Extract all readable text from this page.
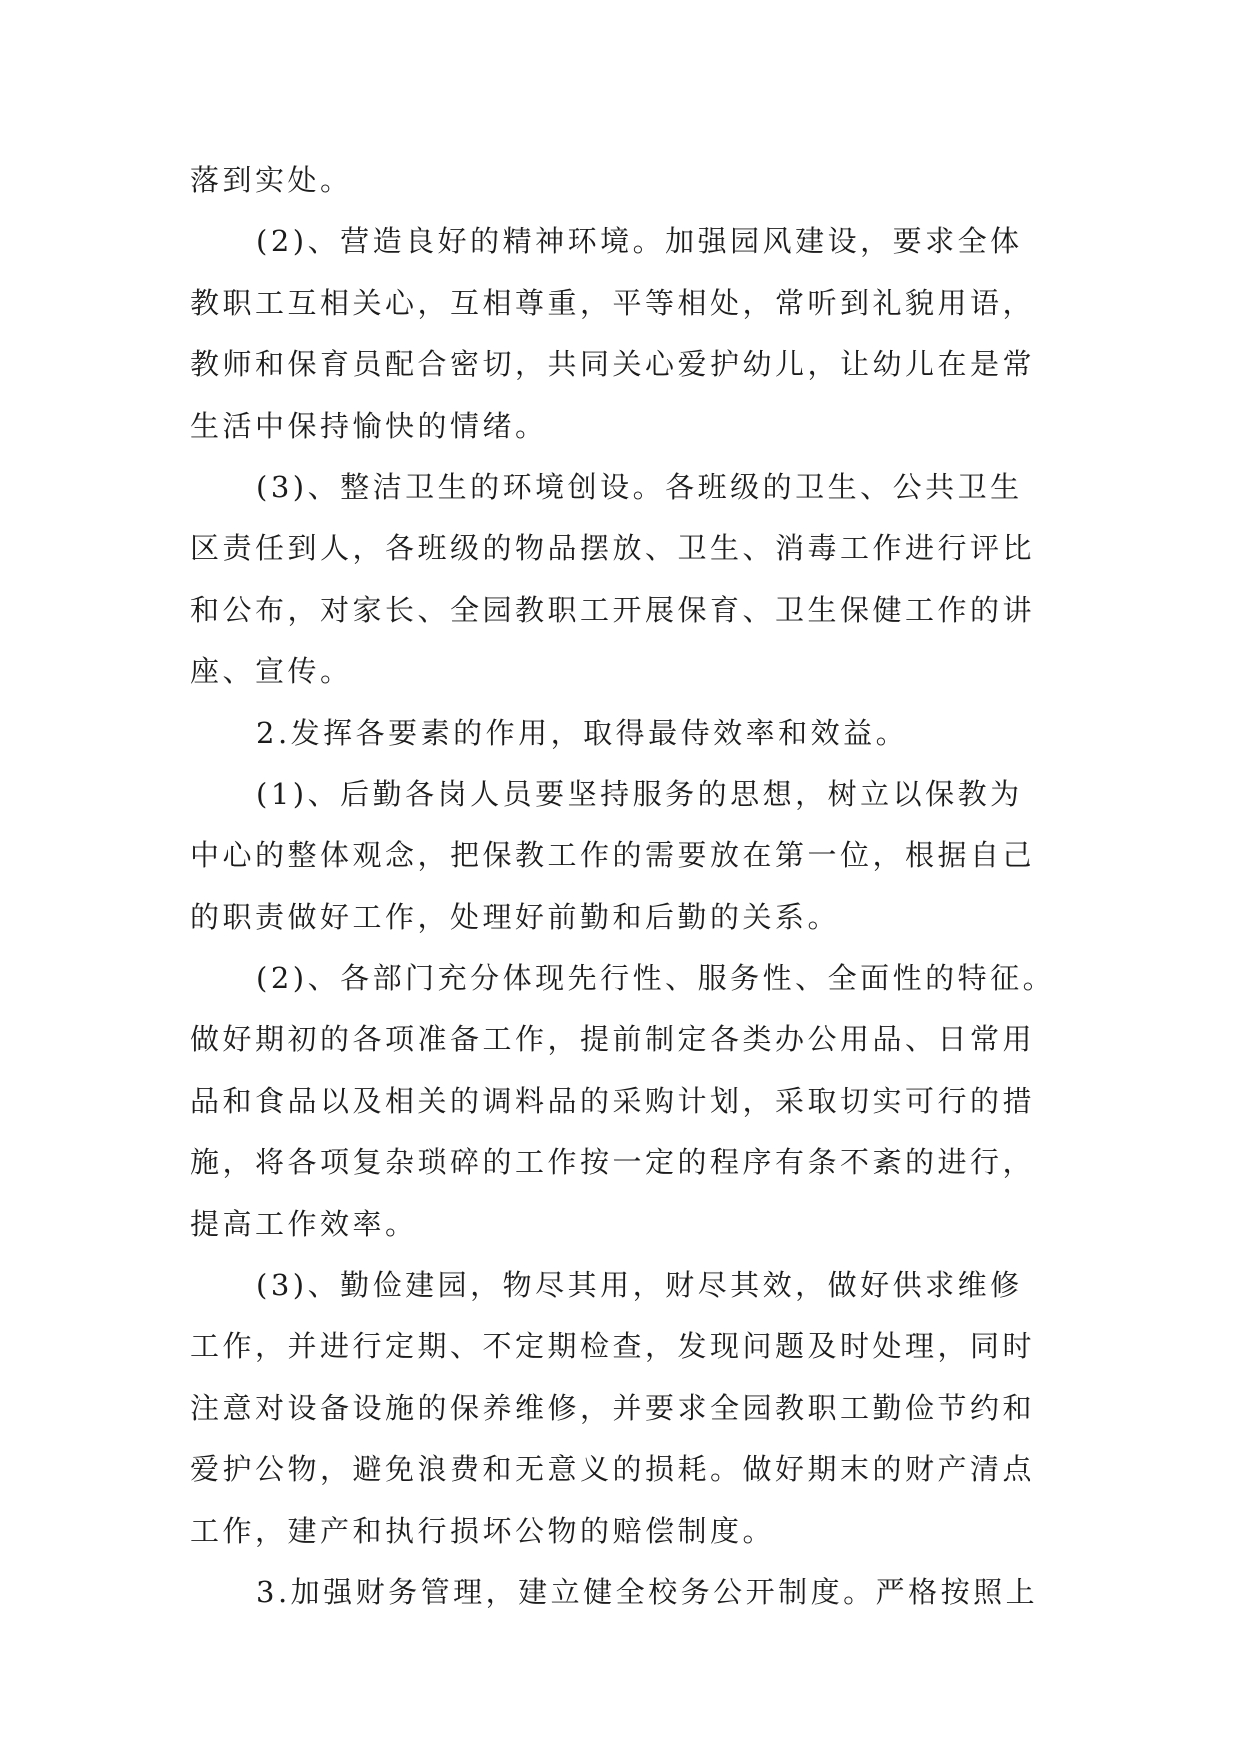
落到实处。
(2)、营造良好的精神环境。加强园风建设，要求全体
教职工互相关心，互相尊重，平等相处，常听到礼貌用语，
教师和保育员配合密切，共同关心爱护幼儿，让幼儿在是常
生活中保持愉快的情绪。
(3)、整洁卫生的环境创设。各班级的卫生、公共卫生
区责任到人，各班级的物品摆放、卫生、消毒工作进行评比
和公布，对家长、全园教职工开展保育、卫生保健工作的讲
座、宣传。
2.发挥各要素的作用，取得最侍效率和效益。
(1)、后勤各岗人员要坚持服务的思想，树立以保教为
中心的整体观念，把保教工作的需要放在第一位，根据自己
的职责做好工作，处理好前勤和后勤的关系。
(2)、各部门充分体现先行性、服务性、全面性的特征。
做好期初的各项准备工作，提前制定各类办公用品、日常用
品和食品以及相关的调料品的采购计划，采取切实可行的措
施，将各项复杂琐碎的工作按一定的程序有条不紊的进行，
提高工作效率。
(3)、勤俭建园，物尽其用，财尽其效，做好供求维修
工作，并进行定期、不定期检查，发现问题及时处理，同时
注意对设备设施的保养维修，并要求全园教职工勤俭节约和
爱护公物，避免浪费和无意义的损耗。做好期末的财产清点
工作，建产和执行损坏公物的赔偿制度。
3.加强财务管理，建立健全校务公开制度。严格按照上
